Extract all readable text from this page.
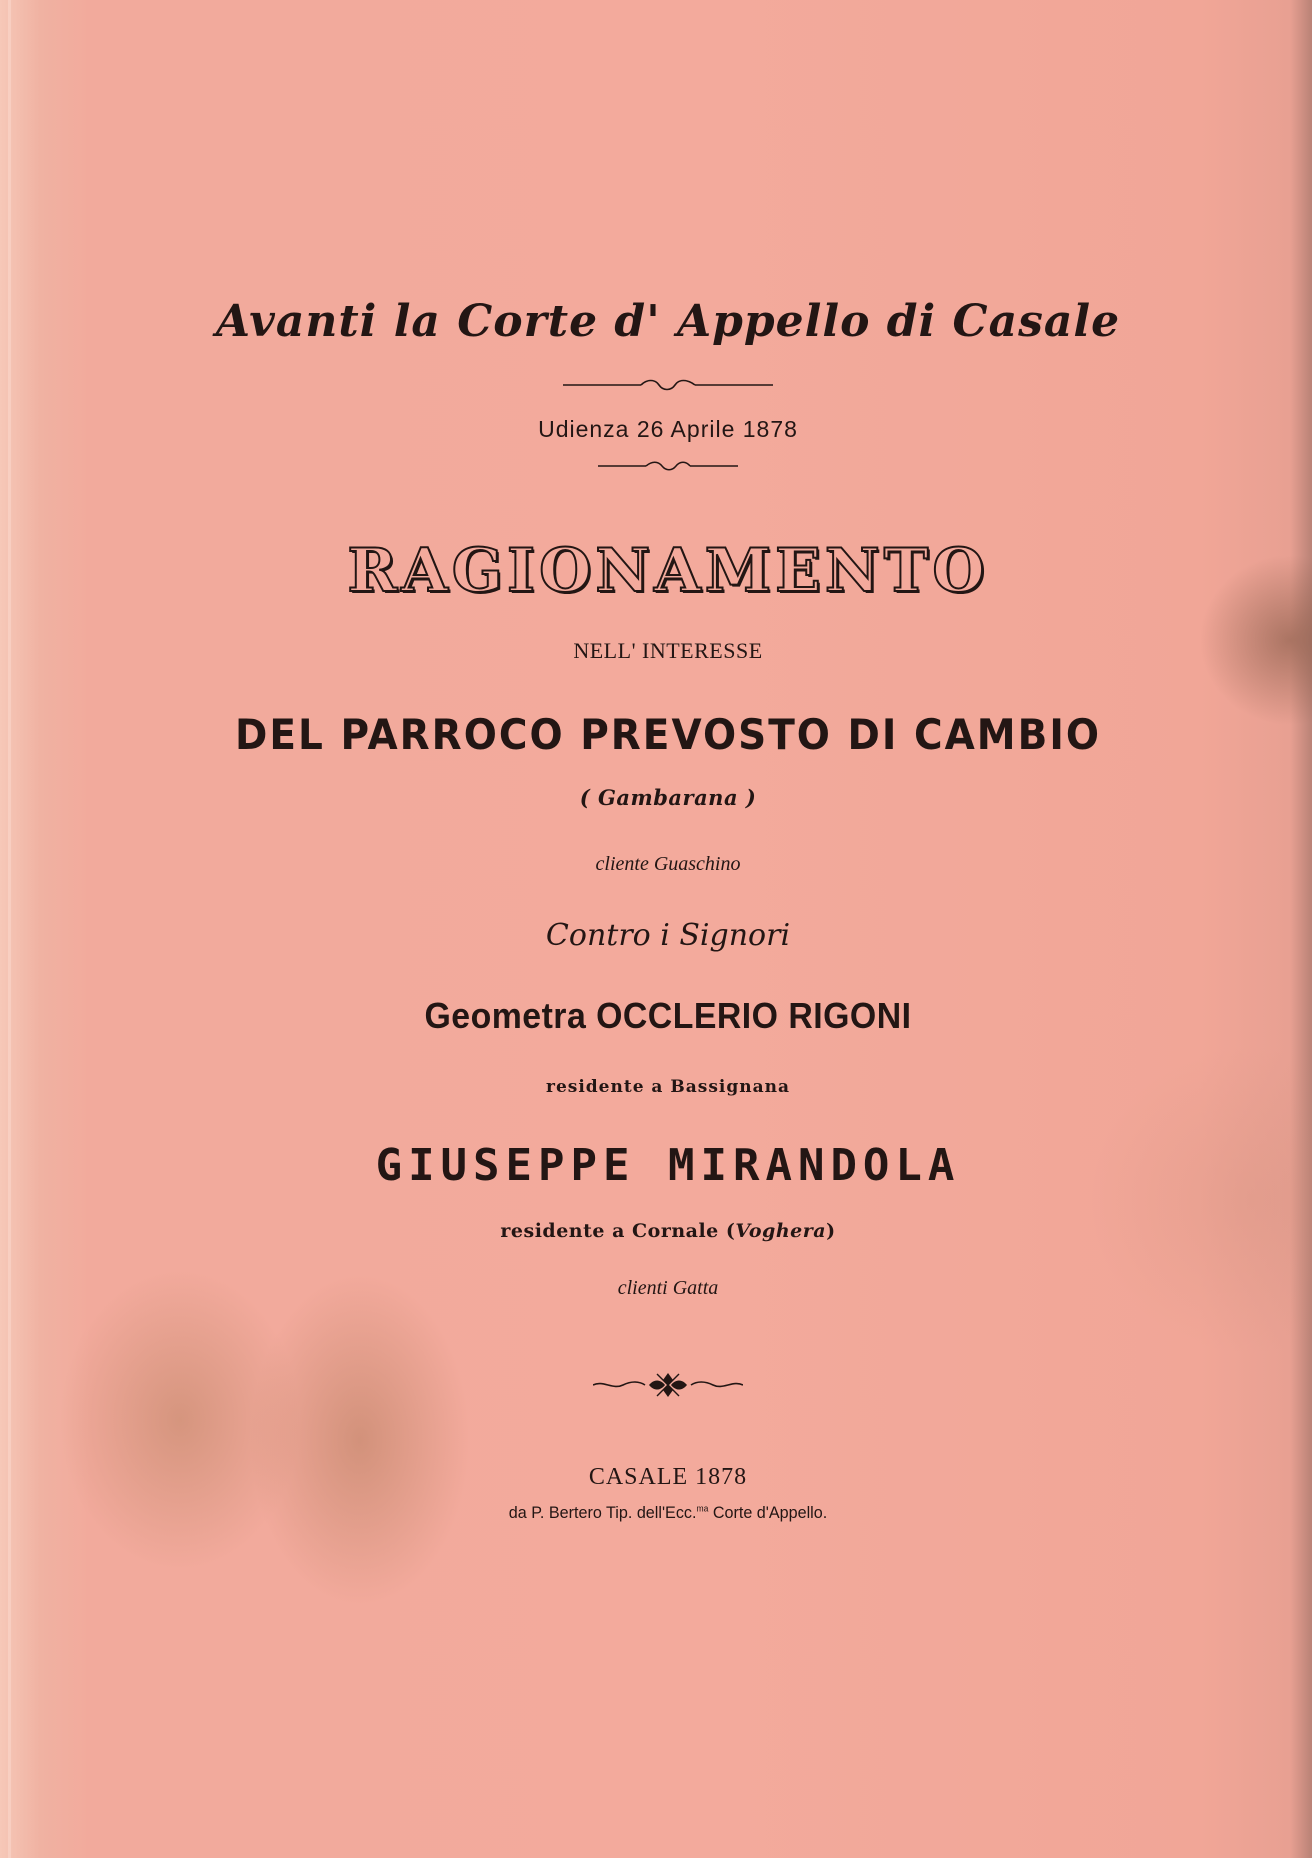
Avanti la Corte d' Appello di Casale

Udienza 26 Aprile 1878

RAGIONAMENTO

NELL' INTERESSE

DEL PARROCO PREVOSTO DI CAMBIO

( Gambarana )

cliente Guaschino

Contro i Signori

Geometra OCCLERIO RIGONI

residente a Bassignana

GIUSEPPE MIRANDOLA

residente a Cornale (Voghera)

clienti Gatta

CASALE 1878

da P. Bertero Tip. dell'Ecc.$^{ma}$ Corte d'Appello.
